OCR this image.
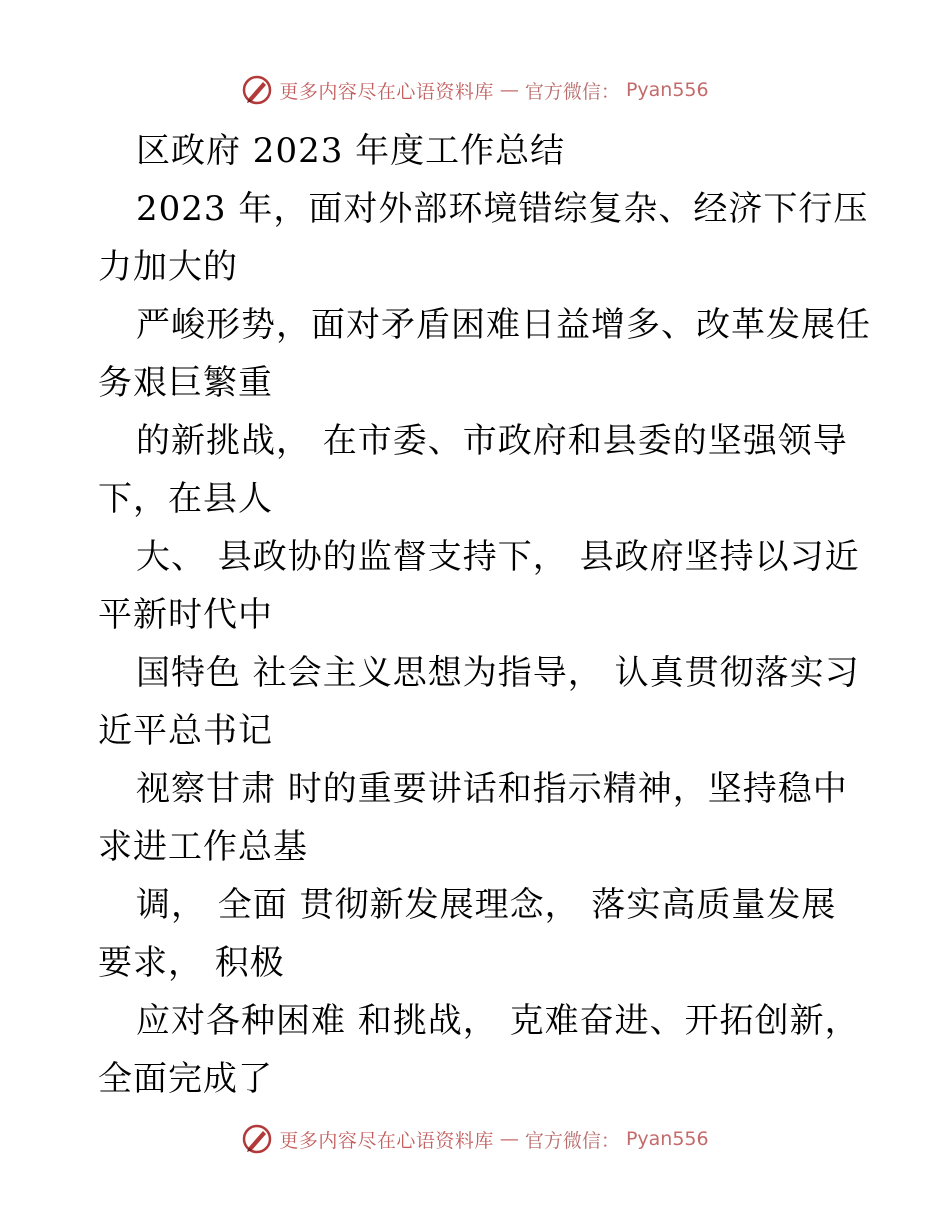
更多内容尽在心语资料库 — 官方微信： Pyan556
区政府 2023 年度工作总结
2023 年，面对外部环境错综复杂、经济下行压
力加大的
严峻形势，面对矛盾困难日益增多、改革发展任
务艰巨繁重
的新挑战， 在市委、市政府和县委的坚强领导
下，在县人
大、 县政协的监督支持下， 县政府坚持以习近
平新时代中
国特色 社会主义思想为指导， 认真贯彻落实习
近平总书记
视察甘肃 时的重要讲话和指示精神，坚持稳中
求进工作总基
调， 全面 贯彻新发展理念， 落实高质量发展
要求， 积极
应对各种困难 和挑战， 克难奋进、开拓创新，
全面完成了
更多内容尽在心语资料库 — 官方微信： Pyan556
